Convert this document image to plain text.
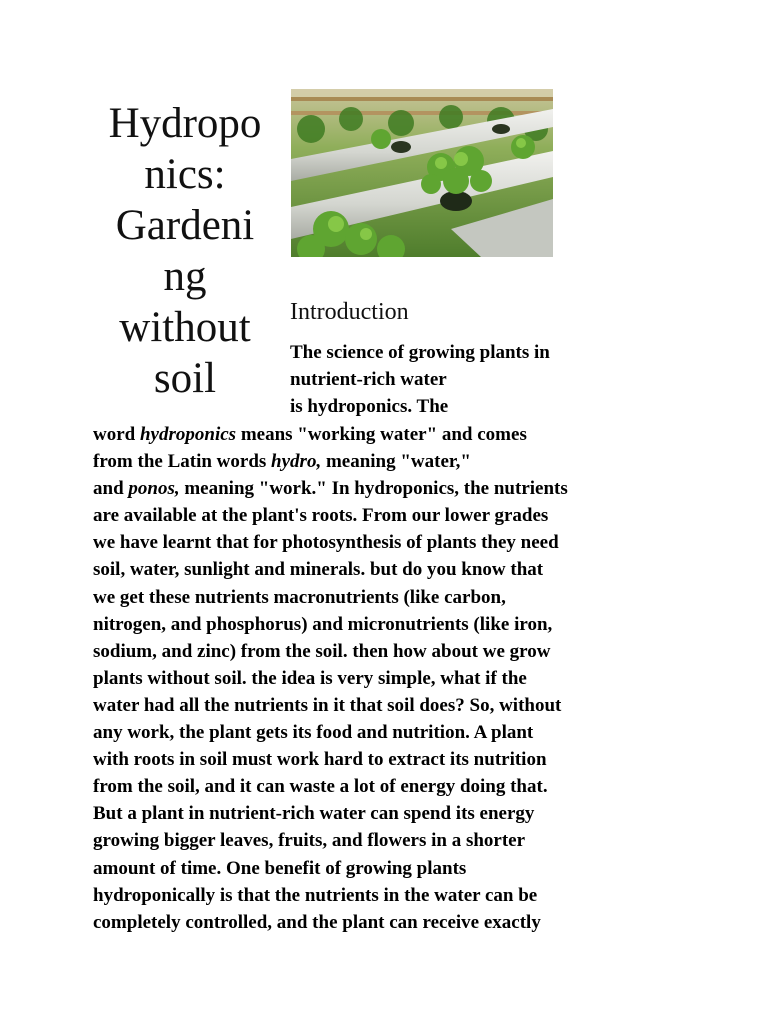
Hydropo
nics:
Gardeni
ng
without
soil
Introduction
The science of growing plants in
nutrient-rich water
is hydroponics. The
word hydroponics means "working water" and comes
from the Latin words hydro, meaning "water,"
and ponos, meaning "work." In hydroponics, the nutrients
are available at the plant's roots. From our lower grades
we have learnt that for photosynthesis of plants they need
soil, water, sunlight and minerals. but do you know that
we get these nutrients macronutrients (like carbon,
nitrogen, and phosphorus) and micronutrients (like iron,
sodium, and zinc) from the soil. then how about we grow
plants without soil. the idea is very simple, what if the
water had all the nutrients in it that soil does? So, without
any work, the plant gets its food and nutrition. A plant
with roots in soil must work hard to extract its nutrition
from the soil, and it can waste a lot of energy doing that.
But a plant in nutrient-rich water can spend its energy
growing bigger leaves, fruits, and flowers in a shorter
amount of time. One benefit of growing plants
hydroponically is that the nutrients in the water can be
completely controlled, and the plant can receive exactly
